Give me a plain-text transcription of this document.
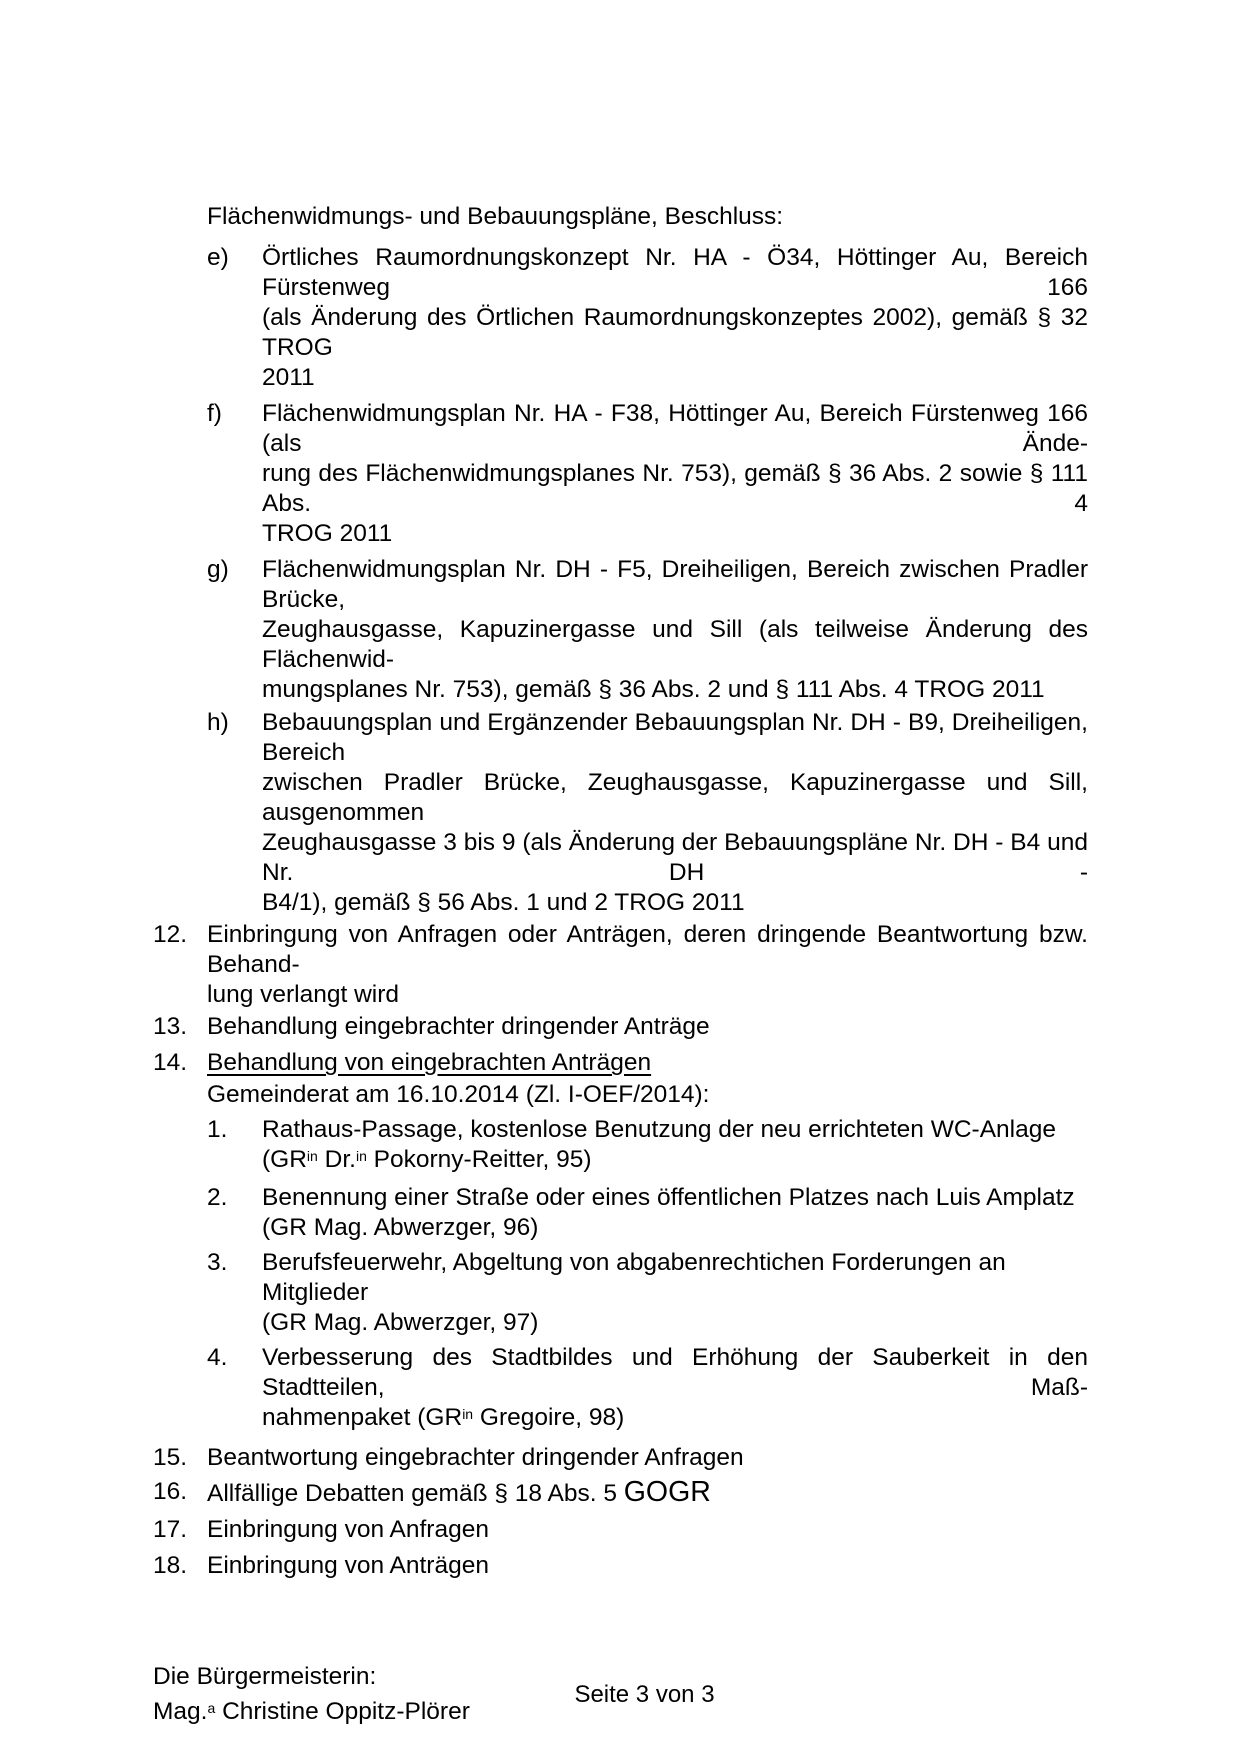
Flächenwidmungs- und Bebauungspläne, Beschluss:
e)	Örtliches Raumordnungskonzept Nr. HA - Ö34, Höttinger Au, Bereich Fürstenweg 166
(als Änderung des Örtlichen Raumordnungskonzeptes 2002), gemäß § 32 TROG
2011
f)	Flächenwidmungsplan Nr. HA - F38, Höttinger Au, Bereich Fürstenweg 166 (als Ände-
rung des Flächenwidmungsplanes Nr. 753), gemäß § 36 Abs. 2 sowie § 111 Abs. 4
TROG 2011
g)	Flächenwidmungsplan Nr. DH - F5, Dreiheiligen, Bereich zwischen Pradler Brücke,
Zeughausgasse, Kapuzinergasse und Sill (als teilweise Änderung des Flächenwid-
mungsplanes Nr. 753), gemäß § 36 Abs. 2 und § 111 Abs. 4 TROG 2011
h)	Bebauungsplan und Ergänzender Bebauungsplan Nr. DH - B9, Dreiheiligen, Bereich
zwischen Pradler Brücke, Zeughausgasse, Kapuzinergasse und Sill, ausgenommen
Zeughausgasse 3 bis 9 (als Änderung der Bebauungspläne Nr. DH - B4 und Nr. DH -
B4/1), gemäß § 56 Abs. 1 und 2 TROG 2011
12. Einbringung von Anfragen oder Anträgen, deren dringende Beantwortung bzw. Behand-
lung verlangt wird
13. Behandlung eingebrachter dringender Anträge
14. Behandlung von eingebrachten Anträgen
Gemeinderat am 16.10.2014 (Zl. I-OEF/2014):
1.	Rathaus-Passage, kostenlose Benutzung der neu errichteten WC-Anlage
($GR^{in}$ Dr.$^{in}$ Pokorny-Reitter, 95)
2.	Benennung einer Straße oder eines öffentlichen Platzes nach Luis Amplatz
(GR Mag. Abwerzger, 96)
3.	Berufsfeuerwehr, Abgeltung von abgabenrechtichen Forderungen an Mitglieder
(GR Mag. Abwerzger, 97)
4.	Verbesserung des Stadtbildes und Erhöhung der Sauberkeit in den Stadtteilen, Maß-
nahmenpaket ($GR^{in}$ Gregoire, 98)
15. Beantwortung eingebrachter dringender Anfragen
16. Allfällige Debatten gemäß § 18 Abs. 5 GOGR
17. Einbringung von Anfragen
18. Einbringung von Anträgen
Die Bürgermeisterin:
Mag.$^a$ Christine Oppitz-Plörer
Seite 3 von 3
